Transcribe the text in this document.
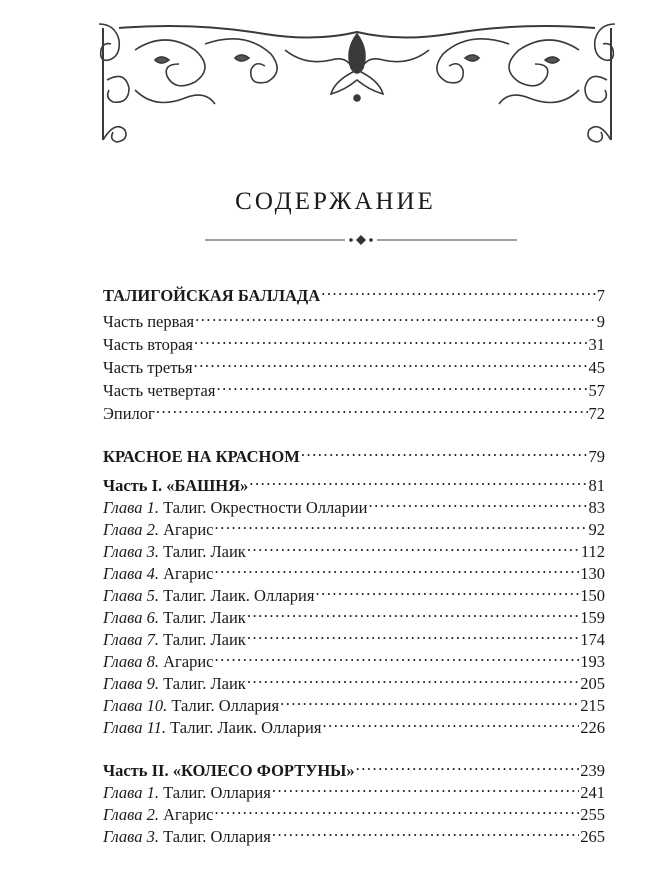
СОДЕРЖАНИЕ
ТАЛИГОЙСКАЯ БАЛЛАДА . . .	7
Часть первая . . .	9
Часть вторая . . .	31
Часть третья . . .	45
Часть четвертая . . .	57
Эпилог . . .	72
КРАСНОЕ НА КРАСНОМ . . .	79
Часть I. «БАШНЯ» . . .	81
Глава 1. Талиг. Окрестности Олларии . . .	83
Глава 2. Агарис . . .	92
Глава 3. Талиг. Лаик . . .	112
Глава 4. Агарис . . .	130
Глава 5. Талиг. Лаик. Оллария . . .	150
Глава 6. Талиг. Лаик . . .	159
Глава 7. Талиг. Лаик . . .	174
Глава 8. Агарис . . .	193
Глава 9. Талиг. Лаик . . .	205
Глава 10. Талиг. Оллария . . .	215
Глава 11. Талиг. Лаик. Оллария . . .	226
Часть II. «КОЛЕСО ФОРТУНЫ» . . .	239
Глава 1. Талиг. Оллария . . .	241
Глава 2. Агарис . . .	255
Глава 3. Талиг. Оллария . . .	265
